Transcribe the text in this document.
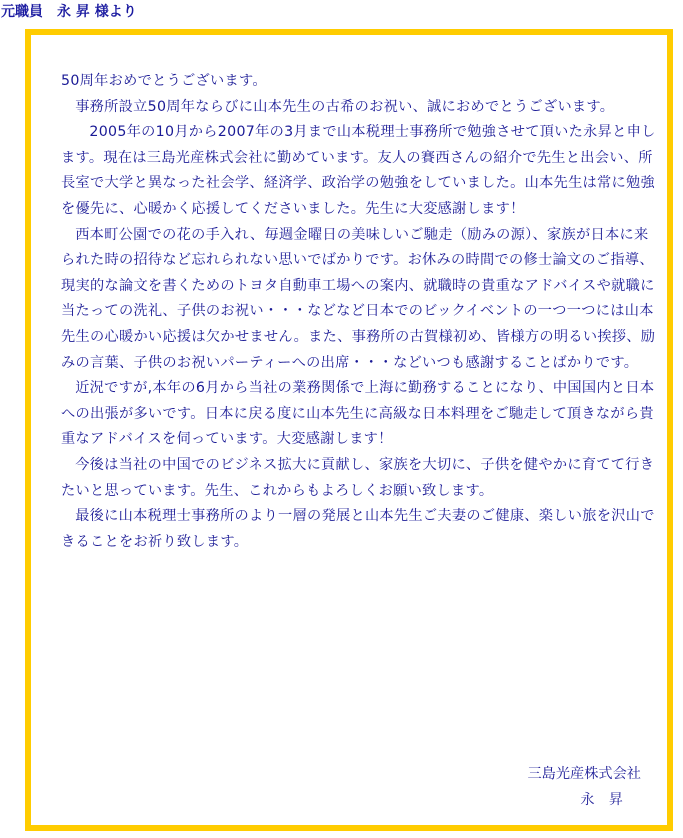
元職員　永 昇 様より

50周年おめでとうございます。

事務所設立50周年ならびに山本先生の古希のお祝い、誠におめでとうございます。

2005年の10月から2007年の3月まで山本税理士事務所で勉強させて頂いた永昇と申します。現在は三島光産株式会社に勤めています。友人の賽西さんの紹介で先生と出会い、所長室で大学と異なった社会学、経済学、政治学の勉強をしていました。山本先生は常に勉強を優先に、心暖かく応援してくださいました。先生に大変感謝します！

西本町公園での花の手入れ、毎週金曜日の美味しいご馳走（励みの源）、家族が日本に来られた時の招待など忘れられない思いでばかりです。お休みの時間での修士論文のご指導、現実的な論文を書くためのトヨタ自動車工場への案内、就職時の貴重なアドバイスや就職に当たっての洗礼、子供のお祝い・・・などなど日本でのビックイベントの一つ一つには山本先生の心暖かい応援は欠かせません。また、事務所の古賀様初め、皆様方の明るい挨拶、励みの言葉、子供のお祝いパーティーへの出席・・・などいつも感謝することばかりです。

近況ですが,本年の6月から当社の業務関係で上海に勤務することになり、中国国内と日本への出張が多いです。日本に戻る度に山本先生に高級な日本料理をご馳走して頂きながら貴重なアドバイスを伺っています。大変感謝します！

今後は当社の中国でのビジネス拡大に貢献し、家族を大切に、子供を健やかに育てて行きたいと思っています。先生、これからもよろしくお願い致します。

最後に山本税理士事務所のより一層の発展と山本先生ご夫妻のご健康、楽しい旅を沢山できることをお祈り致します。

三島光産株式会社
永　昇
